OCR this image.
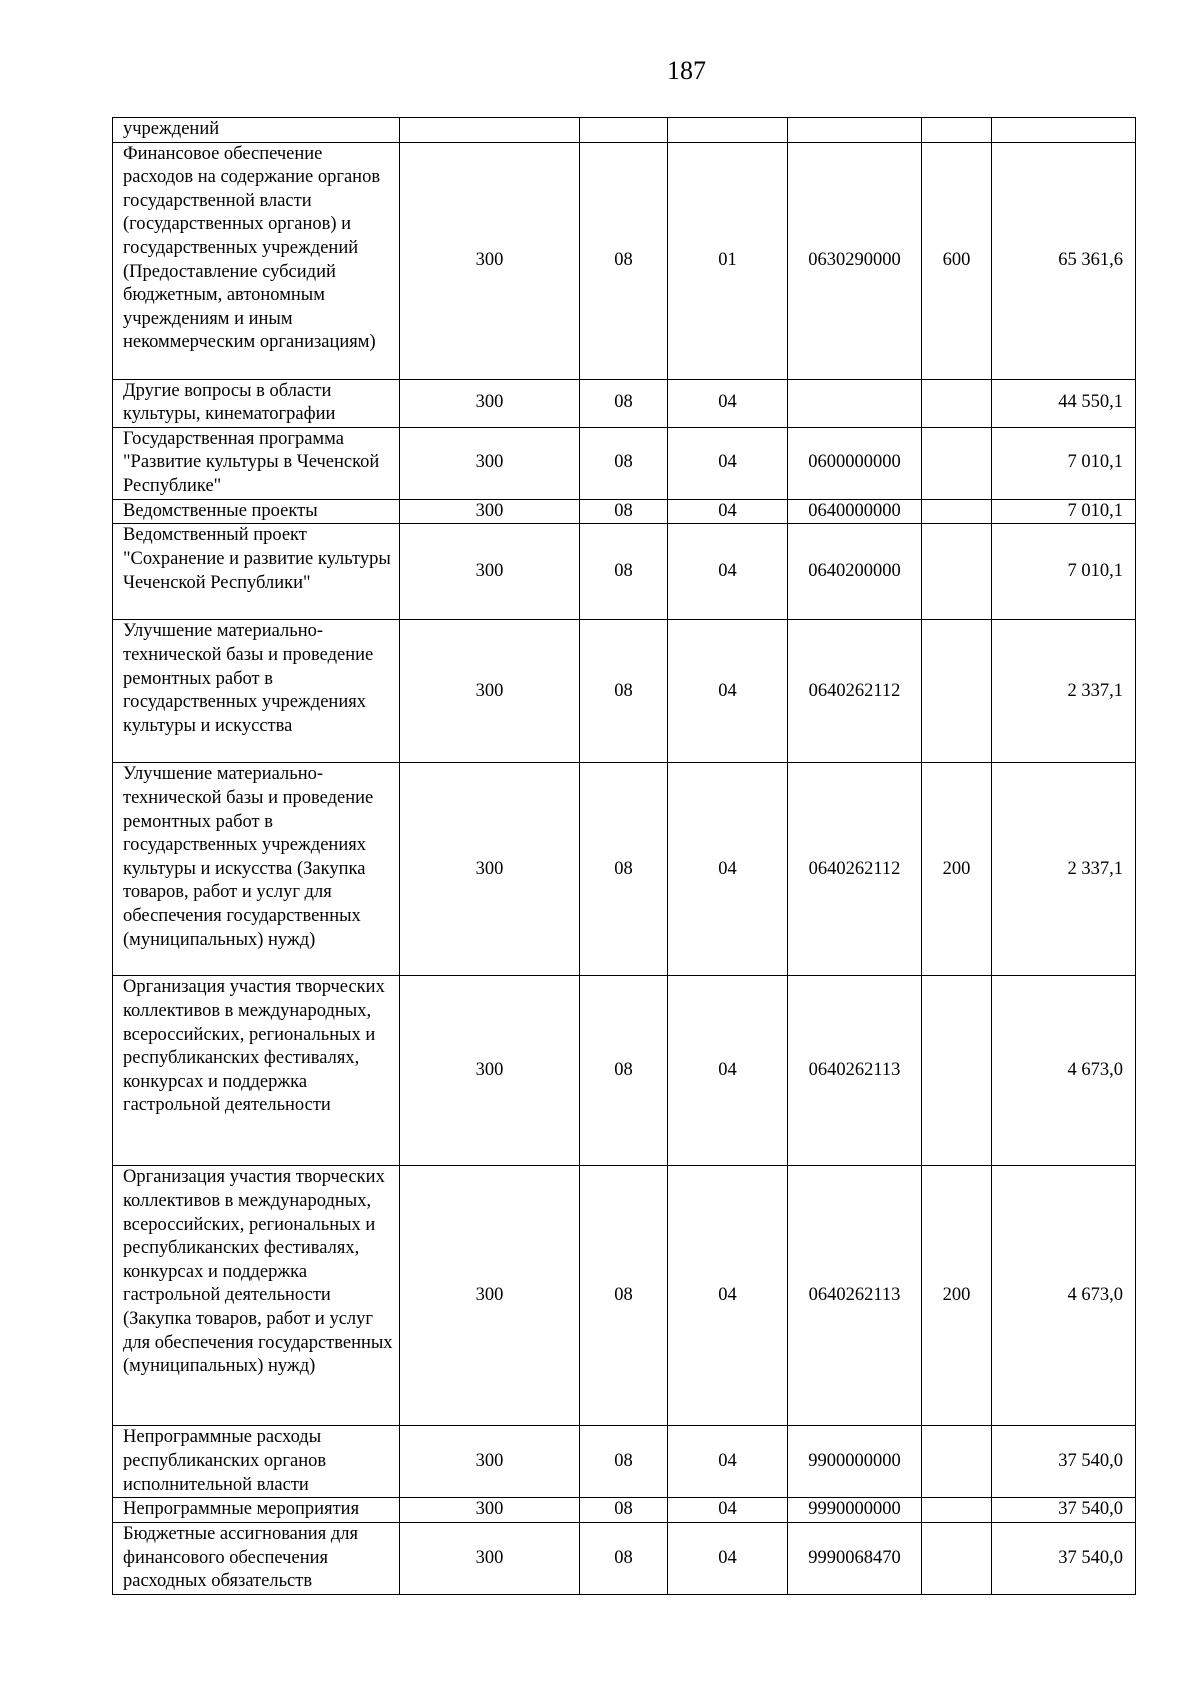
187
учреждений						
Финансовое обеспечение расходов на содержание органов государственной власти (государственных органов) и государственных учреждений (Предоставление субсидий бюджетным, автономным учреждениям и иным некоммерческим организациям)	300	08	01	0630290000	600	65 361,6
Другие вопросы в области культуры, кинематографии	300	08	04			44 550,1
Государственная программа "Развитие культуры в Чеченской Республике"	300	08	04	0600000000		7 010,1
Ведомственные проекты	300	08	04	0640000000		7 010,1
Ведомственный проект "Сохранение и развитие культуры Чеченской Республики"	300	08	04	0640200000		7 010,1
Улучшение материально-технической базы и проведение ремонтных работ в государственных учреждениях культуры и искусства	300	08	04	0640262112		2 337,1
Улучшение материально-технической базы и проведение ремонтных работ в государственных учреждениях культуры и искусства (Закупка товаров, работ и услуг для обеспечения государственных (муниципальных) нужд)	300	08	04	0640262112	200	2 337,1
Организация участия творческих коллективов в международных, всероссийских, региональных и республиканских фестивалях, конкурсах и поддержка гастрольной деятельности	300	08	04	0640262113		4 673,0
Организация участия творческих коллективов в международных, всероссийских, региональных и республиканских фестивалях, конкурсах и поддержка гастрольной деятельности (Закупка товаров, работ и услуг для обеспечения государственных (муниципальных) нужд)	300	08	04	0640262113	200	4 673,0
Непрограммные расходы республиканских органов исполнительной власти	300	08	04	9900000000		37 540,0
Непрограммные мероприятия	300	08	04	9990000000		37 540,0
Бюджетные ассигнования для финансового обеспечения расходных обязательств	300	08	04	9990068470		37 540,0
